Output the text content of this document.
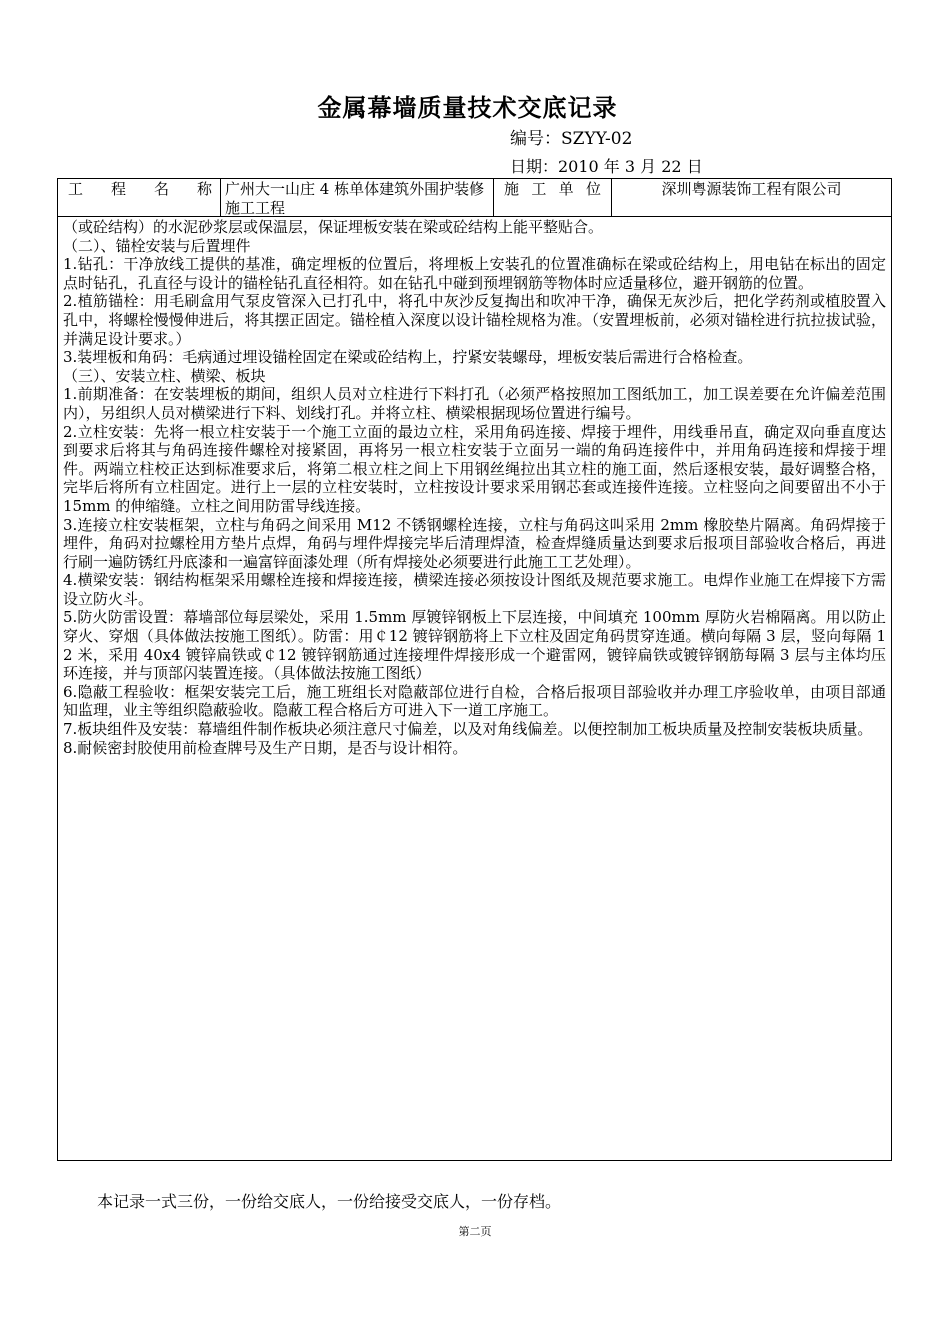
金属幕墙质量技术交底记录
编号：SZYY-02
日期：2010 年 3 月 22 日
工程名称 广州大一山庄 4 栋单体建筑外围护装修施工工程
施工单位	深圳粤源装饰工程有限公司

（或砼结构）的水泥砂浆层或保温层，保证埋板安装在梁或砼结构上能平整贴合。

（二）、锚栓安装与后置埋件

1.钻孔：干净放线工提供的基准，确定埋板的位置后，将埋板上安装孔的位置准确标在梁或砼结构上，用电钻在标出的固定点时钻孔，孔直径与设计的锚栓钻孔直径相符。如在钻孔中碰到预埋钢筋等物体时应适量移位，避开钢筋的位置。

2.植筋锚栓：用毛刷盒用气泵皮管深入已打孔中，将孔中灰沙反复掏出和吹冲干净，确保无灰沙后，把化学药剂或植胶置入孔中，将螺栓慢慢伸进后，将其摆正固定。锚栓植入深度以设计锚栓规格为准。（安置埋板前，必须对锚栓进行抗拉拔试验，并满足设计要求。）

3.装埋板和角码：毛病通过埋设锚栓固定在梁或砼结构上，拧紧安装螺母，埋板安装后需进行合格检查。

（三）、安装立柱、横梁、板块

1.前期准备：在安装埋板的期间，组织人员对立柱进行下料打孔（必须严格按照加工图纸加工，加工误差要在允许偏差范围内），另组织人员对横梁进行下料、划线打孔。并将立柱、横梁根据现场位置进行编号。

2.立柱安装：先将一根立柱安装于一个施工立面的最边立柱，采用角码连接、焊接于埋件，用线垂吊直，确定双向垂直度达到要求后将其与角码连接件螺栓对接紧固，再将另一根立柱安装于立面另一端的角码连接件中，并用角码连接和焊接于埋件。两端立柱校正达到标准要求后，将第二根立柱之间上下用钢丝绳拉出其立柱的施工面，然后逐根安装，最好调整合格，完毕后将所有立柱固定。进行上一层的立柱安装时，立柱按设计要求采用钢芯套或连接件连接。立柱竖向之间要留出不小于 15mm 的伸缩缝。立柱之间用防雷导线连接。

3.连接立柱安装框架，立柱与角码之间采用 M12 不锈钢螺栓连接，立柱与角码这叫采用 2mm 橡胶垫片隔离。角码焊接于埋件，角码对拉螺栓用方垫片点焊，角码与埋件焊接完毕后清理焊渣，检查焊缝质量达到要求后报项目部验收合格后，再进行刷一遍防锈红丹底漆和一遍富锌面漆处理（所有焊接处必须要进行此施工工艺处理）。

4.横梁安装：钢结构框架采用螺栓连接和焊接连接，横梁连接必须按设计图纸及规范要求施工。电焊作业施工在焊接下方需设立防火斗。

5.防火防雷设置：幕墙部位每层梁处，采用 1.5mm 厚镀锌钢板上下层连接，中间填充 100mm 厚防火岩棉隔离。用以防止穿火、穿烟（具体做法按施工图纸）。防雷：用￠12 镀锌钢筋将上下立柱及固定角码贯穿连通。横向每隔 3 层，竖向每隔 12 米，采用 40x4 镀锌扁铁或￠12 镀锌钢筋通过连接埋件焊接形成一个避雷网，镀锌扁铁或镀锌钢筋每隔 3 层与主体均压环连接，并与顶部闪装置连接。（具体做法按施工图纸）

6.隐蔽工程验收：框架安装完工后，施工班组长对隐蔽部位进行自检，合格后报项目部验收并办理工序验收单，由项目部通知监理，业主等组织隐蔽验收。隐蔽工程合格后方可进入下一道工序施工。

7.板块组件及安装：幕墙组件制作板块必须注意尺寸偏差，以及对角线偏差。以便控制加工板块质量及控制安装板块质量。

8.耐候密封胶使用前检查牌号及生产日期，是否与设计相符。

本记录一式三份，一份给交底人，一份给接受交底人，一份存档。
第二页
